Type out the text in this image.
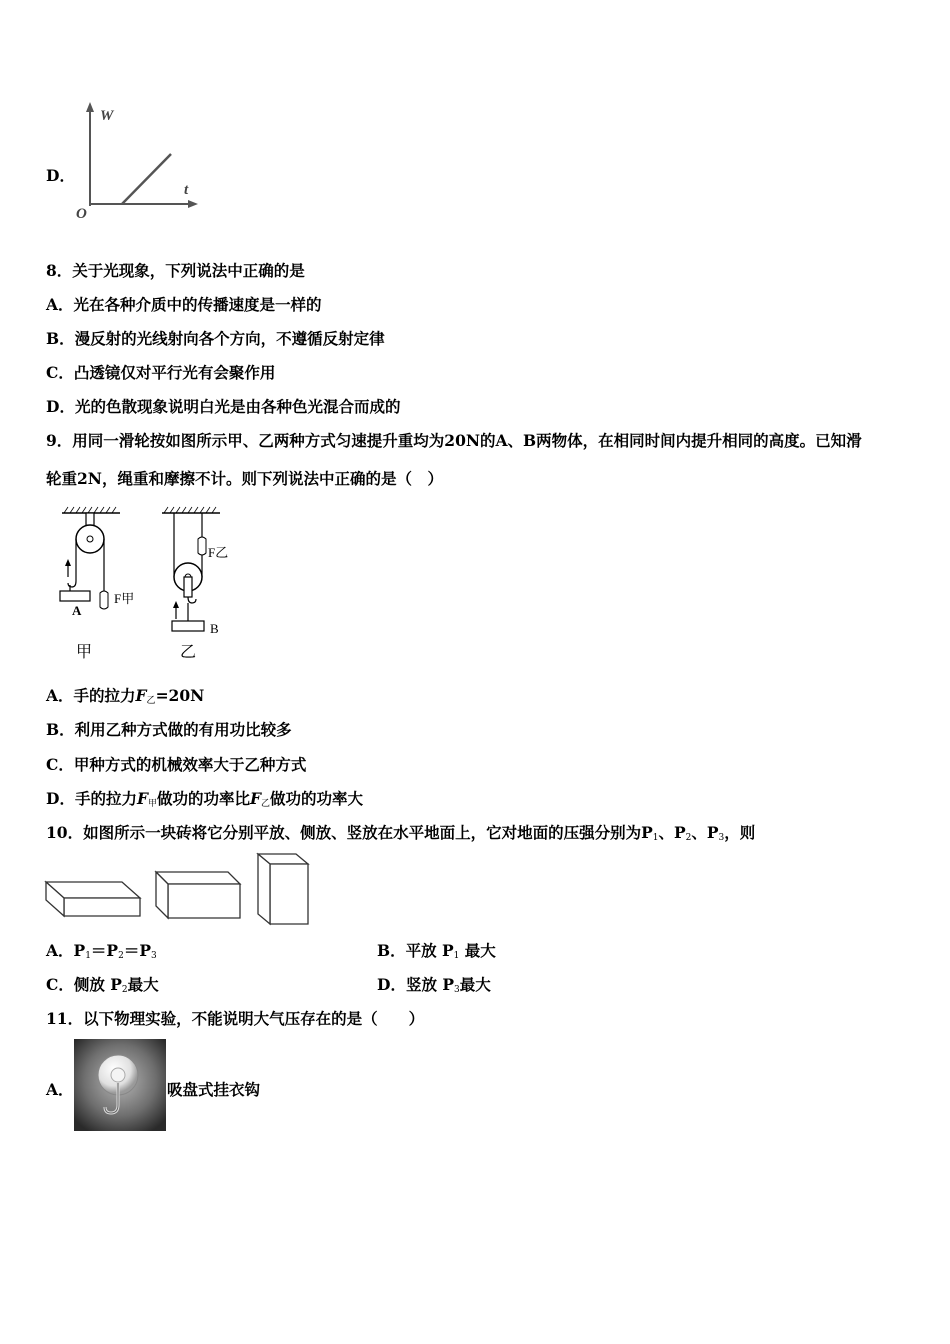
D．
W
t
O
8．关于光现象，下列说法中正确的是
A．光在各种介质中的传播速度是一样的
B．漫反射的光线射向各个方向，不遵循反射定律
C．凸透镜仅对平行光有会聚作用
D．光的色散现象说明白光是由各种色光混合而成的
9．用同一滑轮按如图所示甲、乙两种方式匀速提升重均为20N的A、B两物体，在相同时间内提升相同的高度。已知滑
轮重2N，绳重和摩擦不计。则下列说法中正确的是（　）
A
F甲
甲
F乙
B
乙
A．手的拉力$F_乙=20N$
B．利用乙种方式做的有用功比较多
C．甲种方式的机械效率大于乙种方式
D．手的拉力$F_甲$做功的功率比$F_乙$做功的功率大
10．如图所示一块砖将它分别平放、侧放、竖放在水平地面上，它对地面的压强分别为$P_1$、$P_2$、$P_3$，则
A．$P_1=P_2=P_3$	B．平放 $P_1$ 最大
C．侧放 $P_2$最大	D．竖放 $P_3$最大
11．以下物理实验，不能说明大气压存在的是（　　）
A．	吸盘式挂衣钩
